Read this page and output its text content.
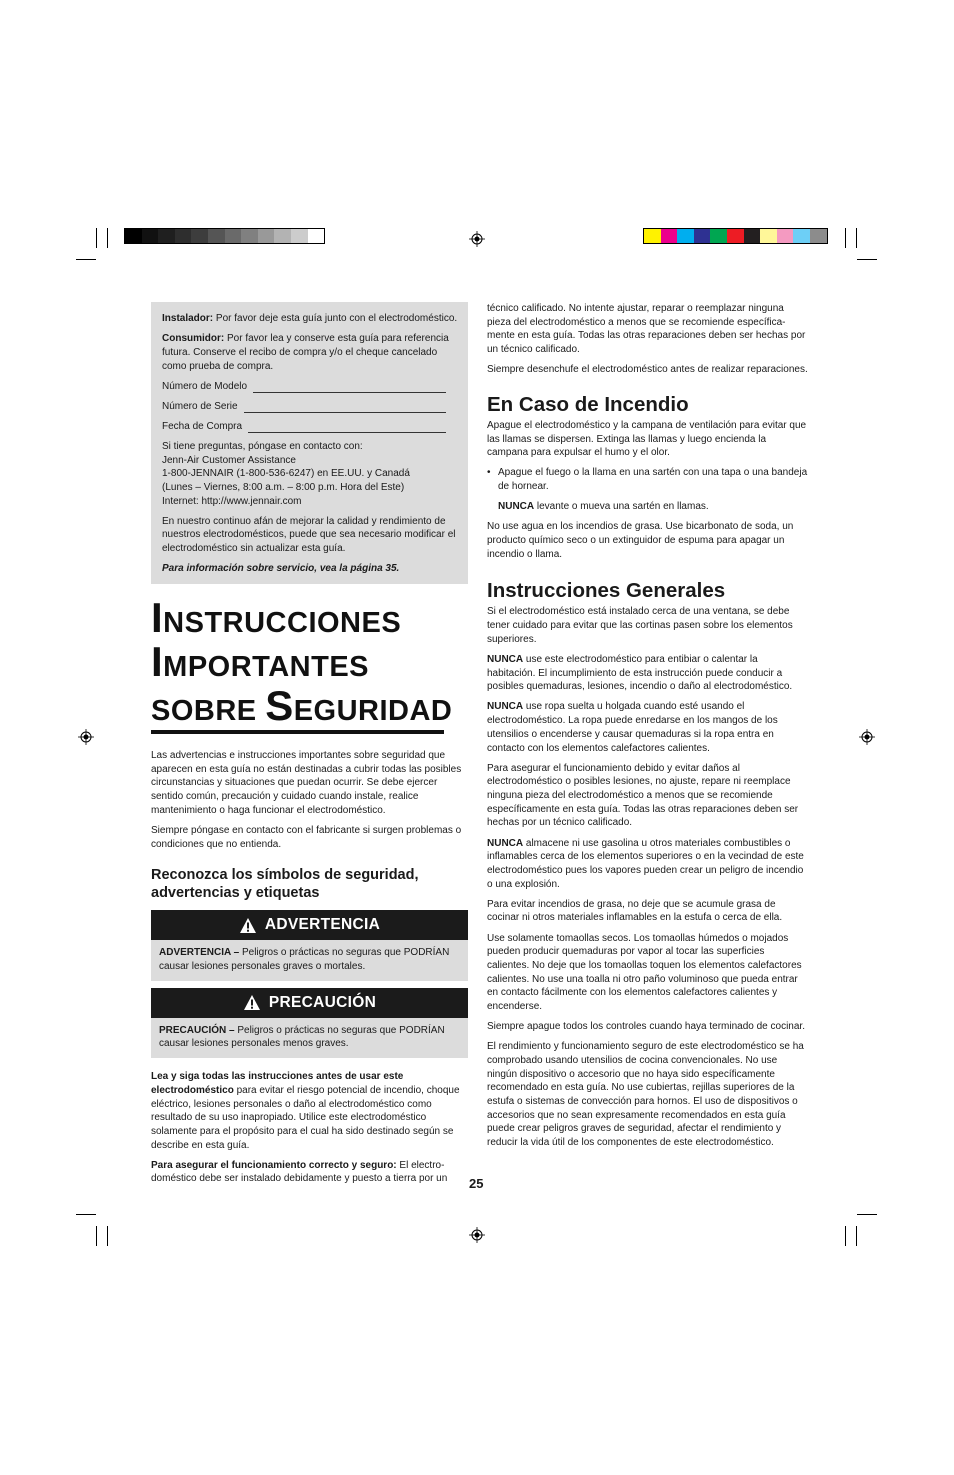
Instalador: Por favor deje esta guía junto con el electrodoméstico.

Consumidor: Por favor lea y conserve esta guía para referencia futura. Conserve el recibo de compra y/o el cheque cancelado como prueba de compra.

Número de Modelo
Número de Serie
Fecha de Compra

Si tiene preguntas, póngase en contacto con:
Jenn-Air Customer Assistance
1-800-JENNAIR (1-800-536-6247) en EE.UU. y Canadá
(Lunes – Viernes, 8:00 a.m. – 8:00 p.m. Hora del Este)
Internet: http://www.jennair.com

En nuestro continuo afán de mejorar la calidad y rendimiento de nuestros electrodomésticos, puede que sea necesario modificar el electrodoméstico sin actualizar esta guía.

Para información sobre servicio, vea la página 35.

INSTRUCCIONES
IMPORTANTES
SOBRE SEGURIDAD

Las advertencias e instrucciones importantes sobre seguridad que aparecen en esta guía no están destinadas a cubrir todas las posibles circunstancias y situaciones que puedan ocurrir. Se debe ejercer sentido común, precaución y cuidado cuando instale, realice mantenimiento o haga funcionar el electrodoméstico.

Siempre póngase en contacto con el fabricante si surgen problemas o condiciones que no entienda.

Reconozca los símbolos de seguridad, advertencias y etiquetas
ADVERTENCIA
ADVERTENCIA – Peligros o prácticas no seguras que PODRÍAN causar lesiones personales graves o mortales.
PRECAUCIÓN
PRECAUCIÓN – Peligros o prácticas no seguras que PODRÍAN causar lesiones personales menos graves.

Lea y siga todas las instrucciones antes de usar este electrodoméstico para evitar el riesgo potencial de incendio, choque eléctrico, lesiones personales o daño al electrodoméstico como resultado de su uso inapropiado. Utilice este electrodoméstico solamente para el propósito para el cual ha sido destinado según se describe en esta guía.

Para asegurar el funcionamiento correcto y seguro: El electro-doméstico debe ser instalado debidamente y puesto a tierra por un

técnico calificado. No intente ajustar, reparar o reemplazar ninguna pieza del electrodoméstico a menos que se recomiende específica-mente en esta guía. Todas las otras reparaciones deben ser hechas por un técnico calificado.

Siempre desenchufe el electrodoméstico antes de realizar reparaciones.

En Caso de Incendio

Apague el electrodoméstico y la campana de ventilación para evitar que las llamas se dispersen. Extinga las llamas y luego encienda la campana para expulsar el humo y el olor.

• Apague el fuego o la llama en una sartén con una tapa o una bandeja de hornear.

NUNCA levante o mueva una sartén en llamas.

No use agua en los incendios de grasa. Use bicarbonato de soda, un producto químico seco o un extinguidor de espuma para apagar un incendio o llama.

Instrucciones Generales

Si el electrodoméstico está instalado cerca de una ventana, se debe tener cuidado para evitar que las cortinas pasen sobre los elementos superiores.

NUNCA use este electrodoméstico para entibiar o calentar la habitación. El incumplimiento de esta instrucción puede conducir a posibles quemaduras, lesiones, incendio o daño al electrodoméstico.

NUNCA use ropa suelta u holgada cuando esté usando el electrodoméstico. La ropa puede enredarse en los mangos de los utensilios o encenderse y causar quemaduras si la ropa entra en contacto con los elementos calefactores calientes.

Para asegurar el funcionamiento debido y evitar daños al electrodoméstico o posibles lesiones, no ajuste, repare ni reemplace ninguna pieza del electrodoméstico a menos que se recomiende específicamente en esta guía. Todas las otras reparaciones deben ser hechas por un técnico calificado.

NUNCA almacene ni use gasolina u otros materiales combustibles o inflamables cerca de los elementos superiores o en la vecindad de este electrodoméstico pues los vapores pueden crear un peligro de incendio o una explosión.

Para evitar incendios de grasa, no deje que se acumule grasa de cocinar ni otros materiales inflamables en la estufa o cerca de ella.

Use solamente tomaollas secos. Los tomaollas húmedos o mojados pueden producir quemaduras por vapor al tocar las superficies calientes. No deje que los tomaollas toquen los elementos calefactores calientes. No use una toalla ni otro paño voluminoso que pueda entrar en contacto fácilmente con los elementos calefactores calientes y encenderse.

Siempre apague todos los controles cuando haya terminado de cocinar.

El rendimiento y funcionamiento seguro de este electrodoméstico se ha comprobado usando utensilios de cocina convencionales. No use ningún dispositivo o accesorio que no haya sido específicamente recomendado en esta guía. No use cubiertas, rejillas superiores de la estufa o sistemas de convección para hornos. El uso de dispositivos o accesorios que no sean expresamente recomendados en esta guía puede crear peligros graves de seguridad, afectar el rendimiento y reducir la vida útil de los componentes de este electrodoméstico.

25
